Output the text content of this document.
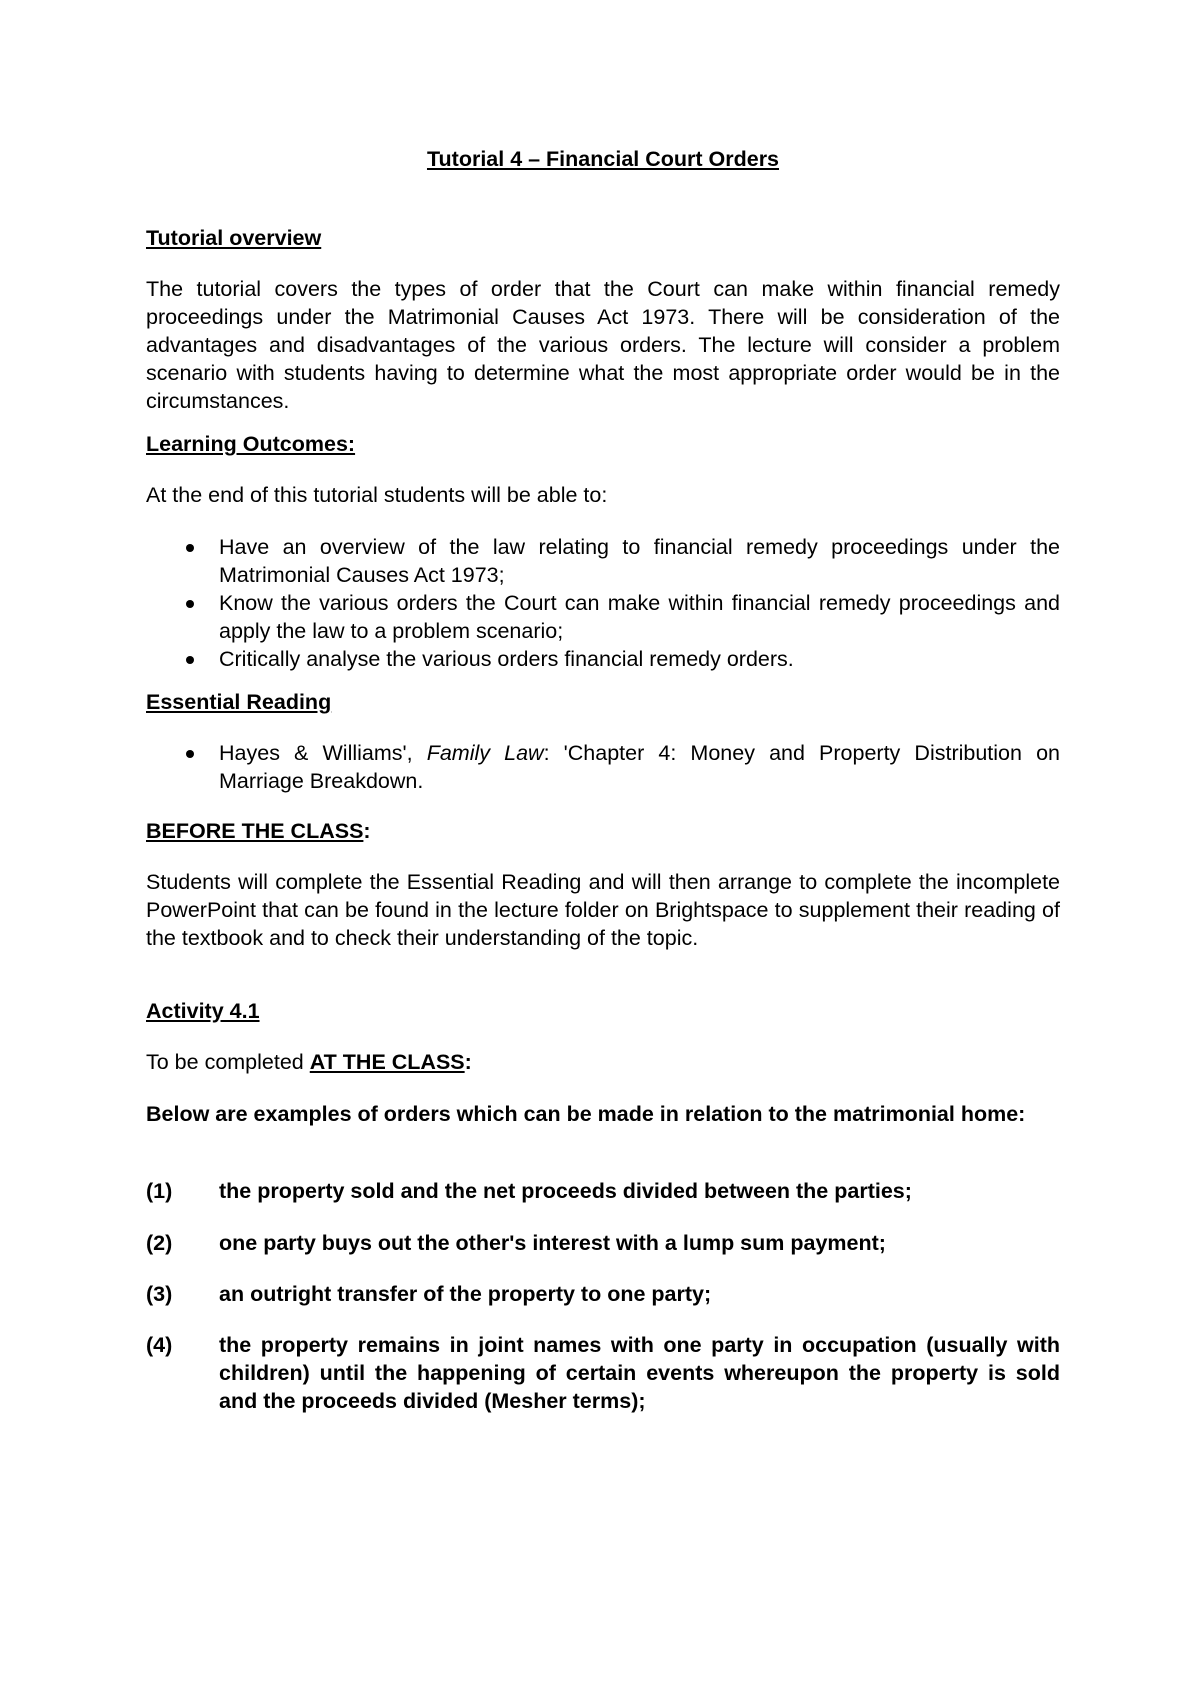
Tutorial 4 – Financial Court Orders
Tutorial overview
The tutorial covers the types of order that the Court can make within financial remedy proceedings under the Matrimonial Causes Act 1973. There will be consideration of the advantages and disadvantages of the various orders. The lecture will consider a problem scenario with students having to determine what the most appropriate order would be in the circumstances.
Learning Outcomes:
At the end of this tutorial students will be able to:
Have an overview of the law relating to financial remedy proceedings under the Matrimonial Causes Act 1973;
Know the various orders the Court can make within financial remedy proceedings and apply the law to a problem scenario;
Critically analyse the various orders financial remedy orders.
Essential Reading
Hayes & Williams', Family Law: 'Chapter 4: Money and Property Distribution on Marriage Breakdown.
BEFORE THE CLASS:
Students will complete the Essential Reading and will then arrange to complete the incomplete PowerPoint that can be found in the lecture folder on Brightspace to supplement their reading of the textbook and to check their understanding of the topic.
Activity 4.1
To be completed AT THE CLASS:
Below are examples of orders which can be made in relation to the matrimonial home:
(1) the property sold and the net proceeds divided between the parties;
(2) one party buys out the other's interest with a lump sum payment;
(3) an outright transfer of the property to one party;
(4) the property remains in joint names with one party in occupation (usually with children) until the happening of certain events whereupon the property is sold and the proceeds divided (Mesher terms);
